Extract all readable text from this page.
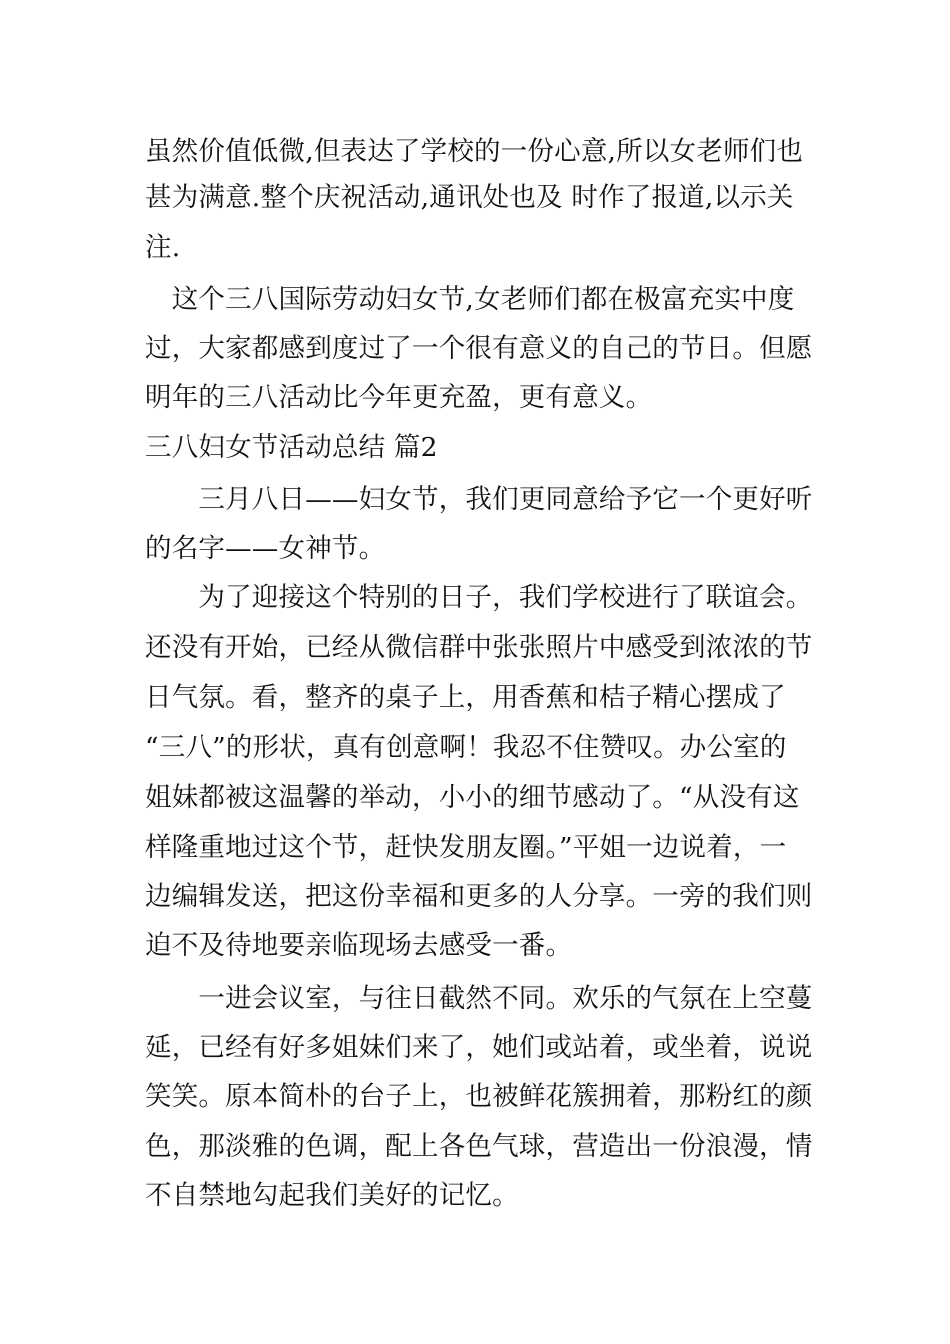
虽然价值低微,但表达了学校的一份心意,所以女老师们也
甚为满意.整个庆祝活动,通讯处也及 时作了报道,以示关
注.
　这个三八国际劳动妇女节,女老师们都在极富充实中度
过，大家都感到度过了一个很有意义的自己的节日。但愿
明年的三八活动比今年更充盈，更有意义。
三八妇女节活动总结 篇2
　　三月八日——妇女节，我们更同意给予它一个更好听
的名字——女神节。
　　为了迎接这个特别的日子，我们学校进行了联谊会。
还没有开始，已经从微信群中张张照片中感受到浓浓的节
日气氛。看，整齐的桌子上，用香蕉和桔子精心摆成了
“三八”的形状，真有创意啊！我忍不住赞叹。办公室的
姐妹都被这温馨的举动，小小的细节感动了。“从没有这
样隆重地过这个节，赶快发朋友圈。”平姐一边说着，一
边编辑发送，把这份幸福和更多的人分享。一旁的我们则
迫不及待地要亲临现场去感受一番。
　　一进会议室，与往日截然不同。欢乐的气氛在上空蔓
延，已经有好多姐妹们来了，她们或站着，或坐着，说说
笑笑。原本简朴的台子上，也被鲜花簇拥着，那粉红的颜
色，那淡雅的色调，配上各色气球，营造出一份浪漫，情
不自禁地勾起我们美好的记忆。
